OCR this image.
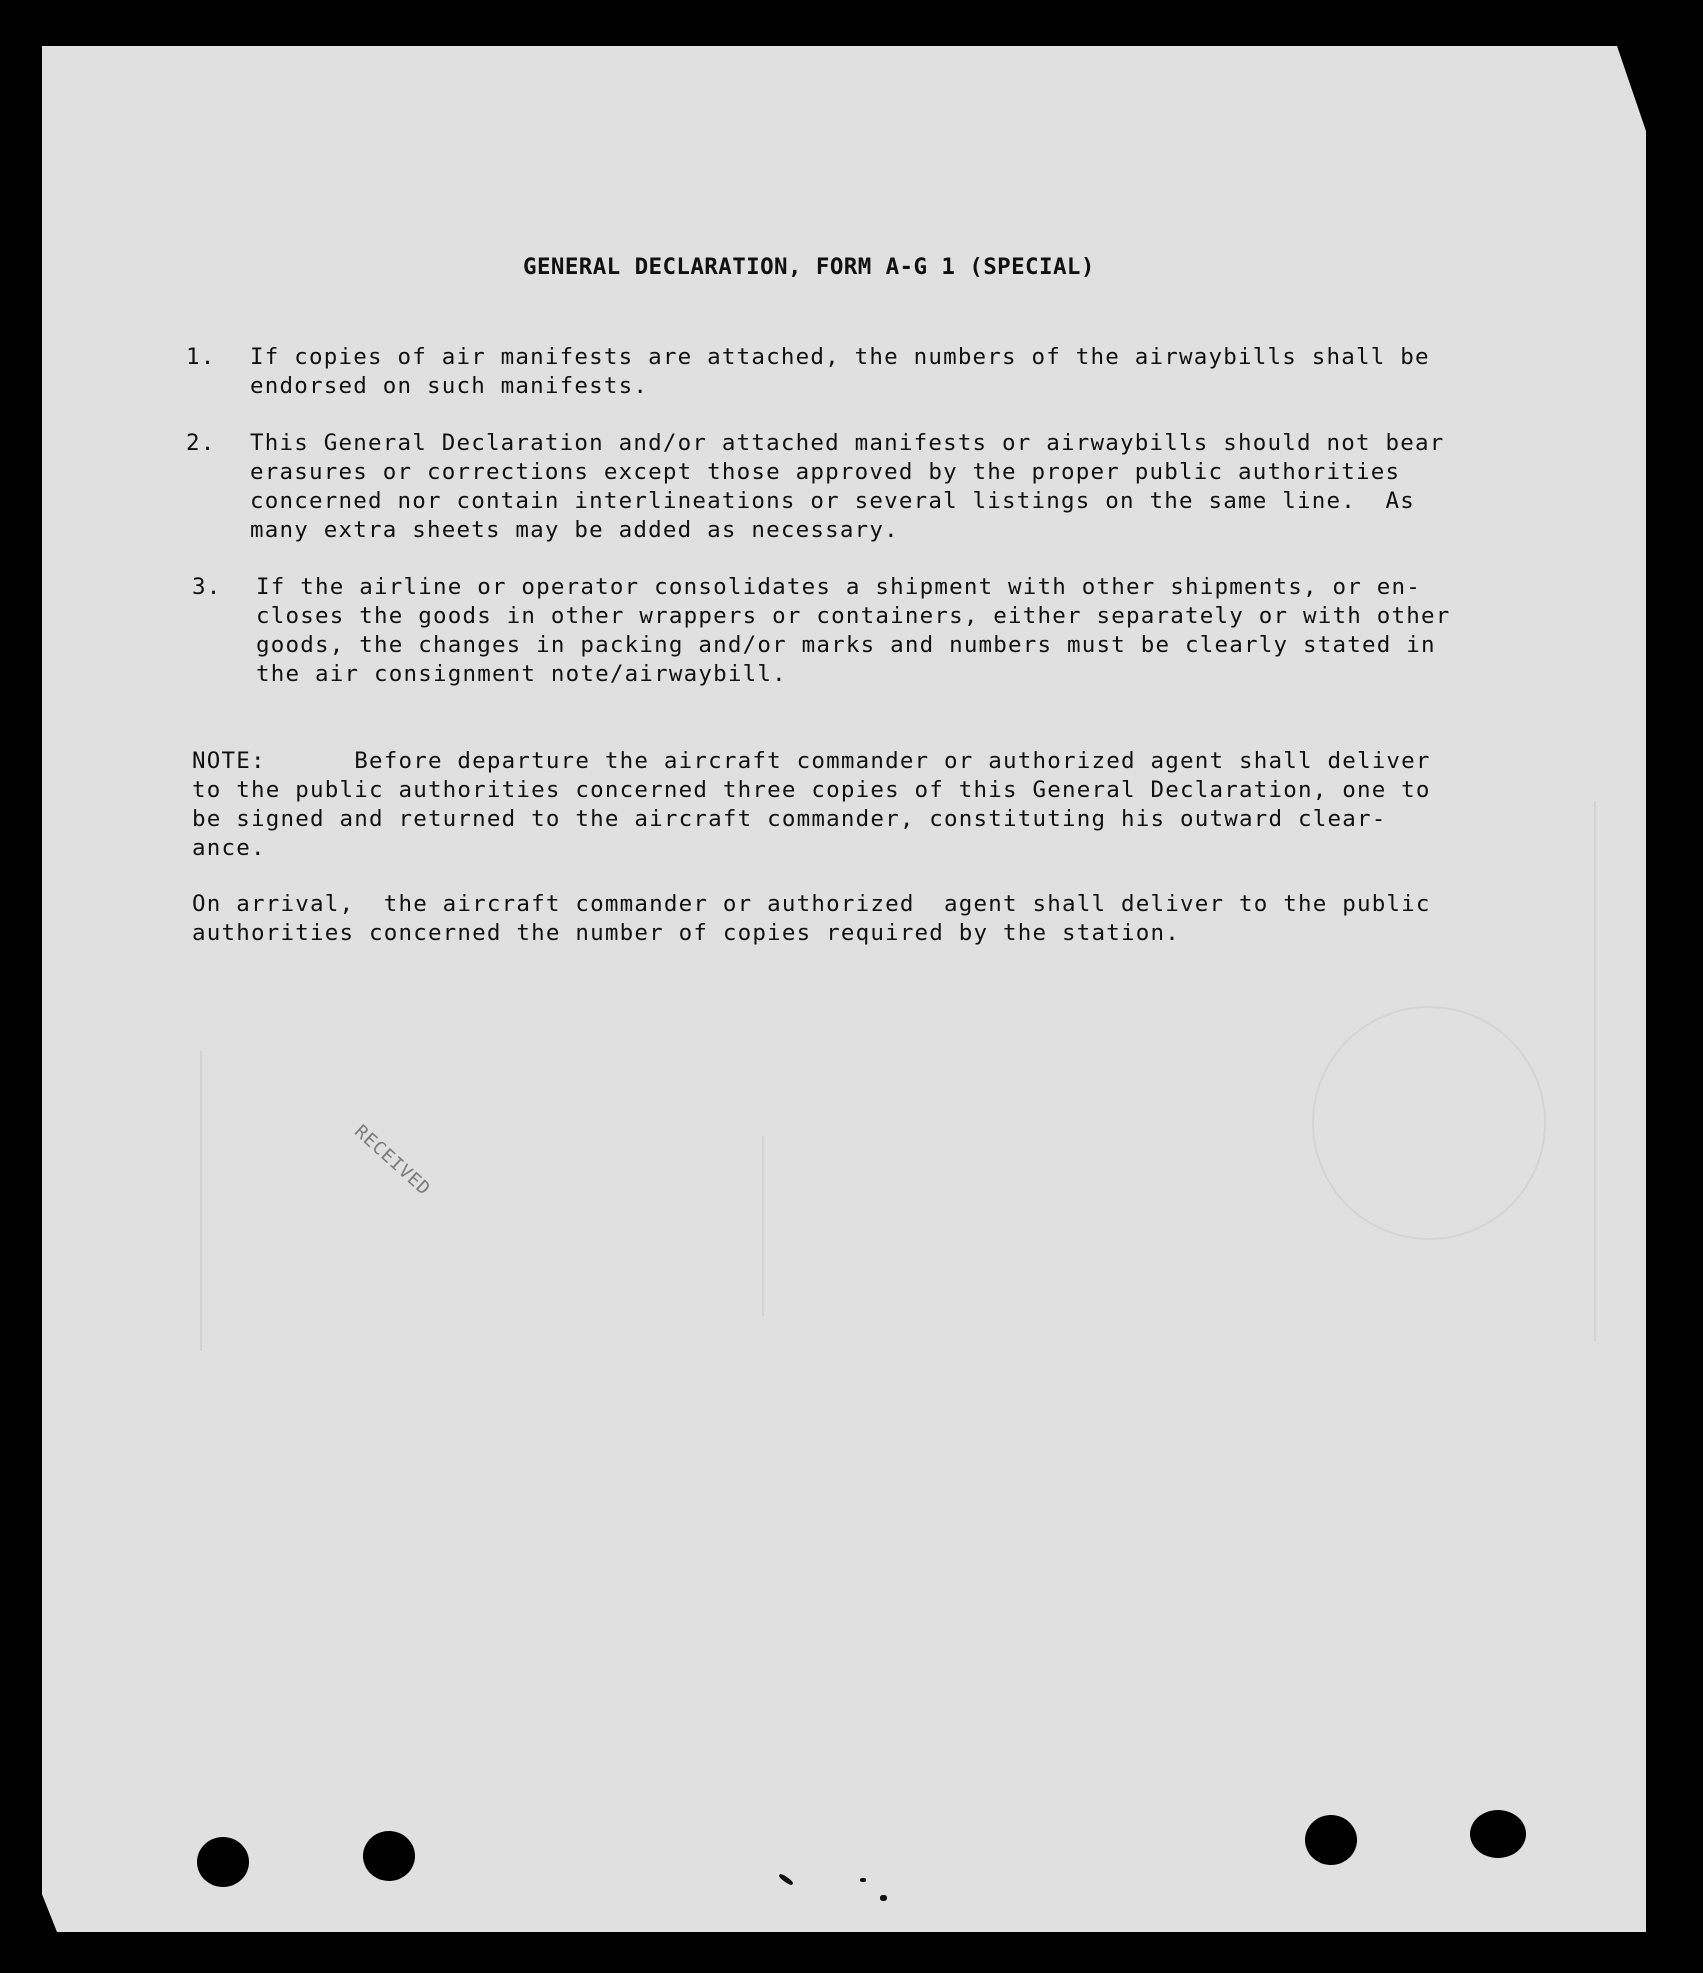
GENERAL DECLARATION, FORM A-G 1 (SPECIAL)

1. If copies of air manifests are attached, the numbers of the airwaybills shall be
endorsed on such manifests.

2. This General Declaration and/or attached manifests or airwaybills should not bear
erasures or corrections except those approved by the proper public authorities
concerned nor contain interlineations or several listings on the same line.  As
many extra sheets may be added as necessary.

3. If the airline or operator consolidates a shipment with other shipments, or en-
closes the goods in other wrappers or containers, either separately or with other
goods, the changes in packing and/or marks and numbers must be clearly stated in
the air consignment note/airwaybill.

NOTE:      Before departure the aircraft commander or authorized agent shall deliver
to the public authorities concerned three copies of this General Declaration, one to
be signed and returned to the aircraft commander, constituting his outward clear-
ance.

On arrival,  the aircraft commander or authorized  agent shall deliver to the public
authorities concerned the number of copies required by the station.

RECEIVED
